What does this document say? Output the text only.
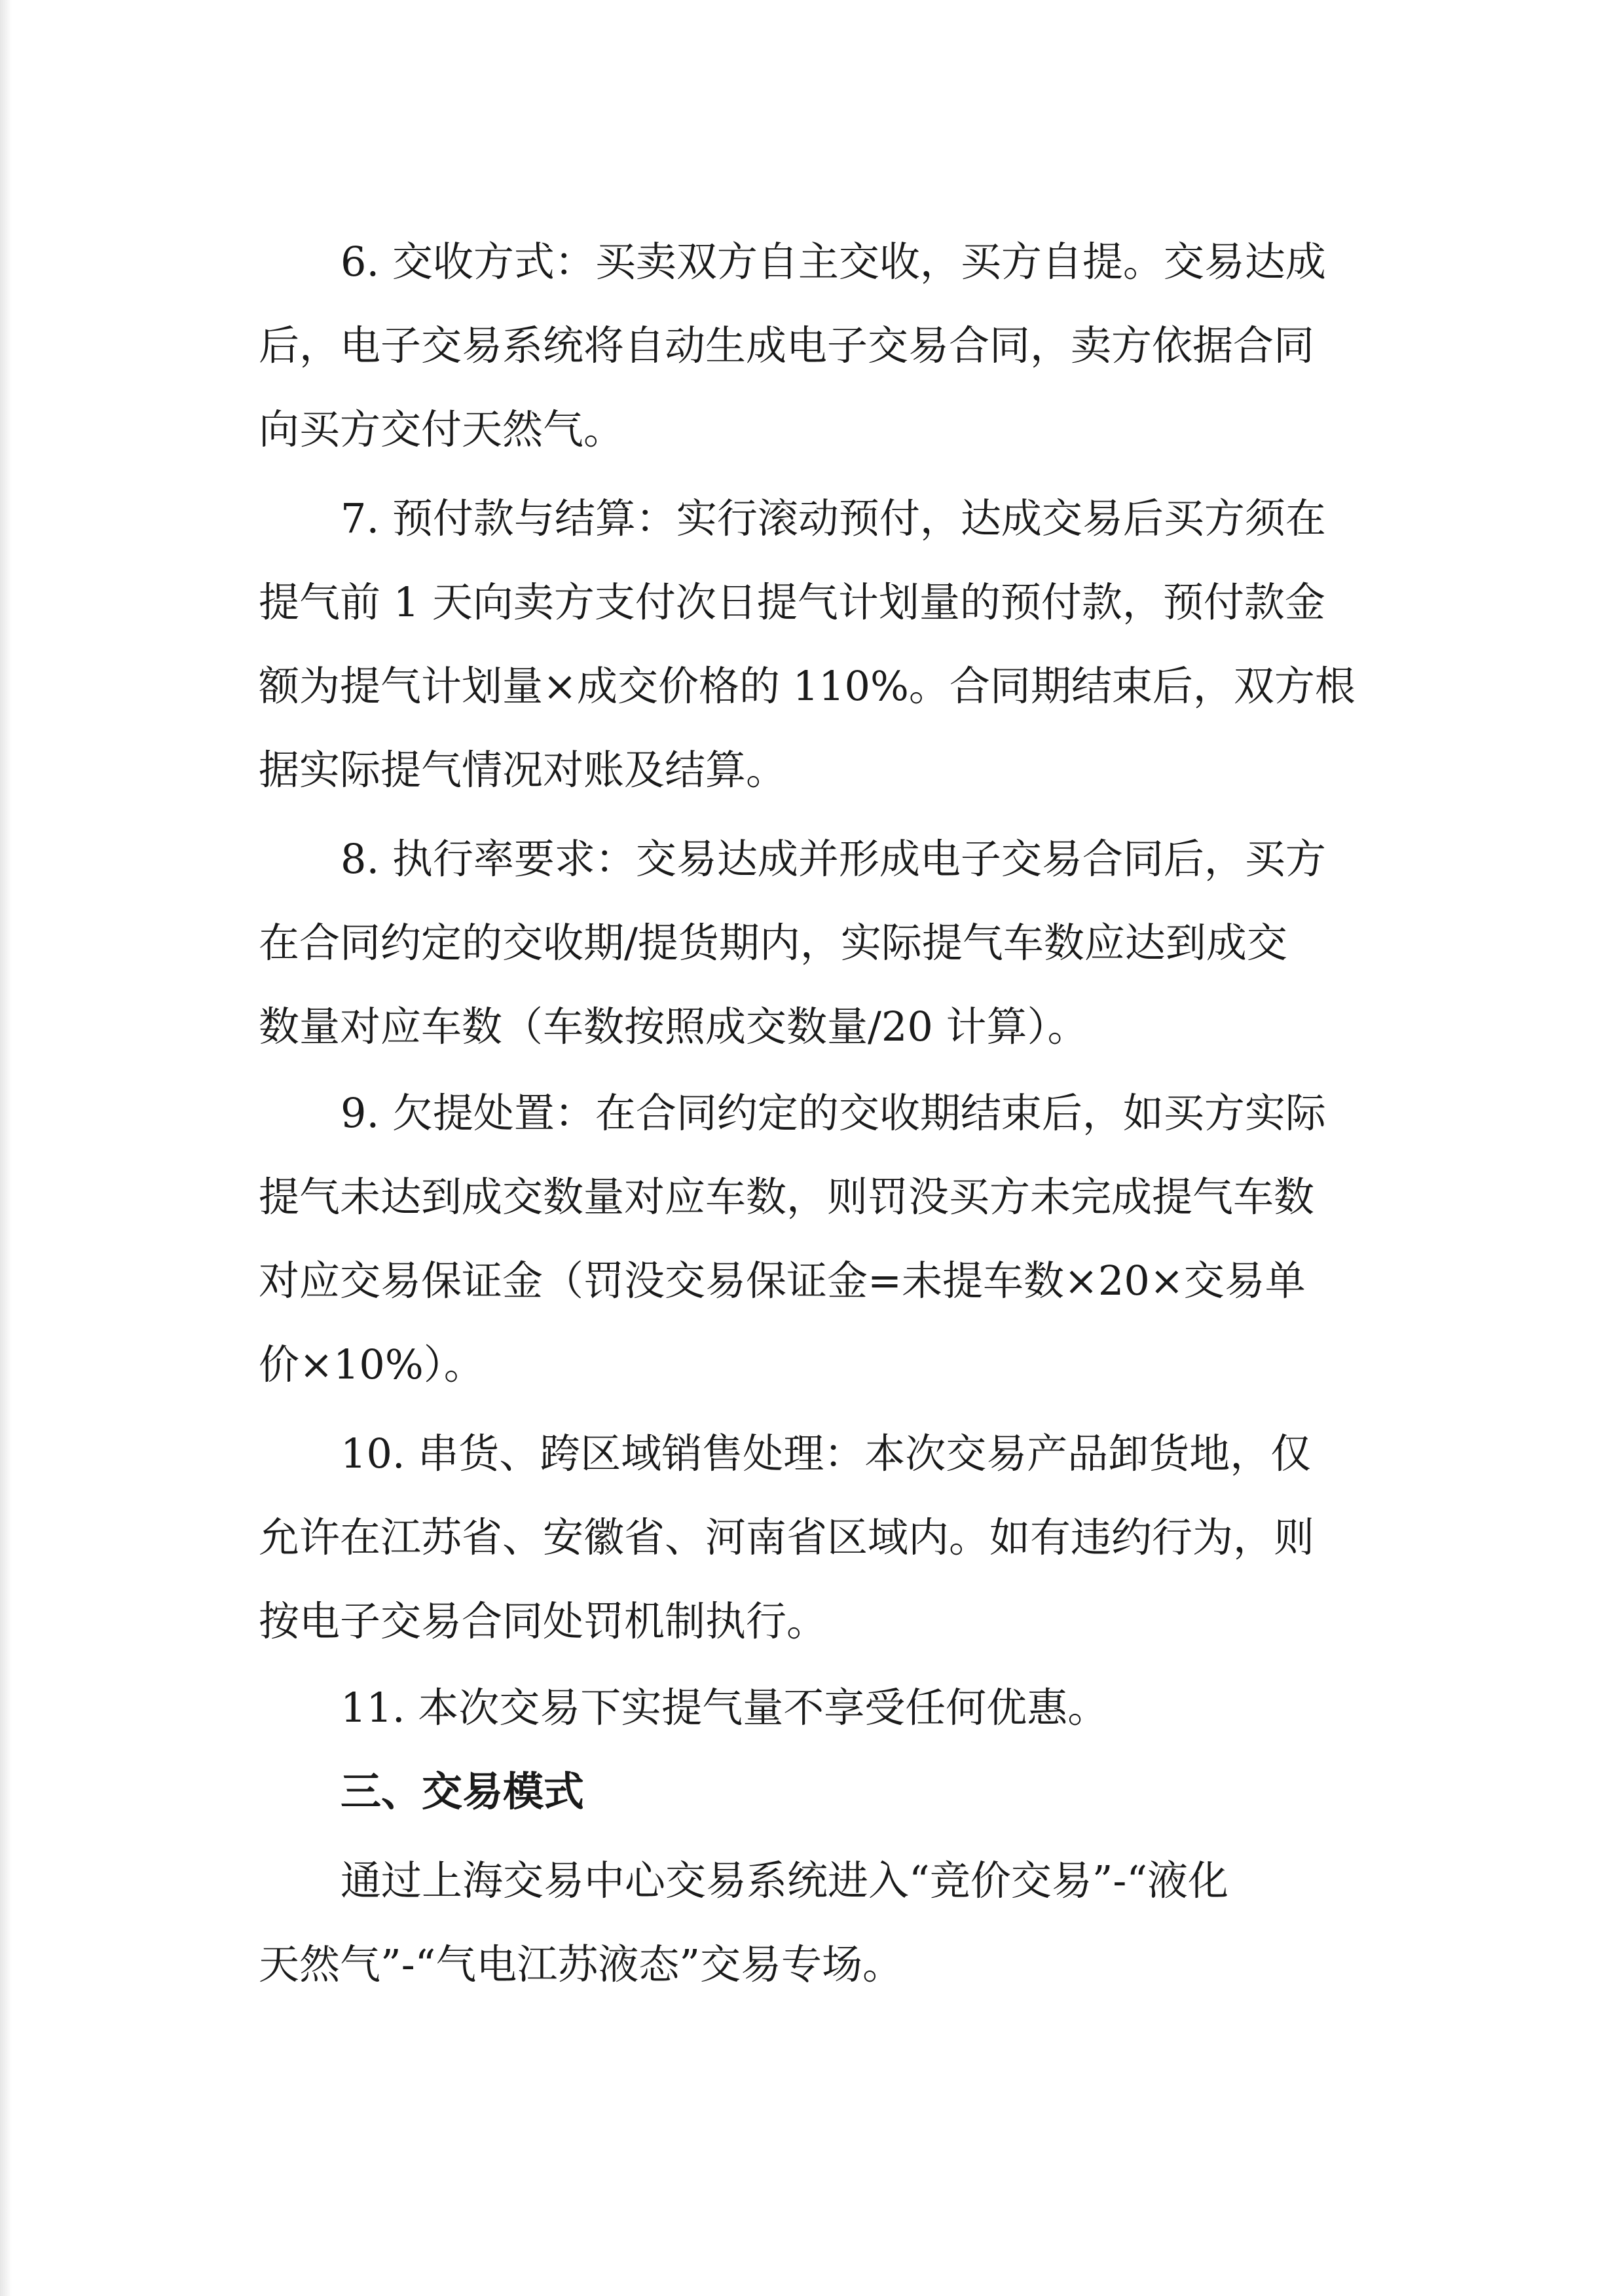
6. 交收方式：买卖双方自主交收，买方自提。交易达成

后，电子交易系统将自动生成电子交易合同，卖方依据合同

向买方交付天然气。

7. 预付款与结算：实行滚动预付，达成交易后买方须在

提气前 1 天向卖方支付次日提气计划量的预付款，预付款金

额为提气计划量×成交价格的 110%。合同期结束后，双方根

据实际提气情况对账及结算。

8. 执行率要求：交易达成并形成电子交易合同后，买方

在合同约定的交收期/提货期内，实际提气车数应达到成交

数量对应车数（车数按照成交数量/20 计算）。

9. 欠提处置：在合同约定的交收期结束后，如买方实际

提气未达到成交数量对应车数，则罚没买方未完成提气车数

对应交易保证金（罚没交易保证金=未提车数×20×交易单

价×10%）。

10. 串货、跨区域销售处理：本次交易产品卸货地，仅

允许在江苏省、安徽省、河南省区域内。如有违约行为，则

按电子交易合同处罚机制执行。

11. 本次交易下实提气量不享受任何优惠。

三、交易模式

通过上海交易中心交易系统进入“竞价交易”-“液化

天然气”-“气电江苏液态”交易专场。
